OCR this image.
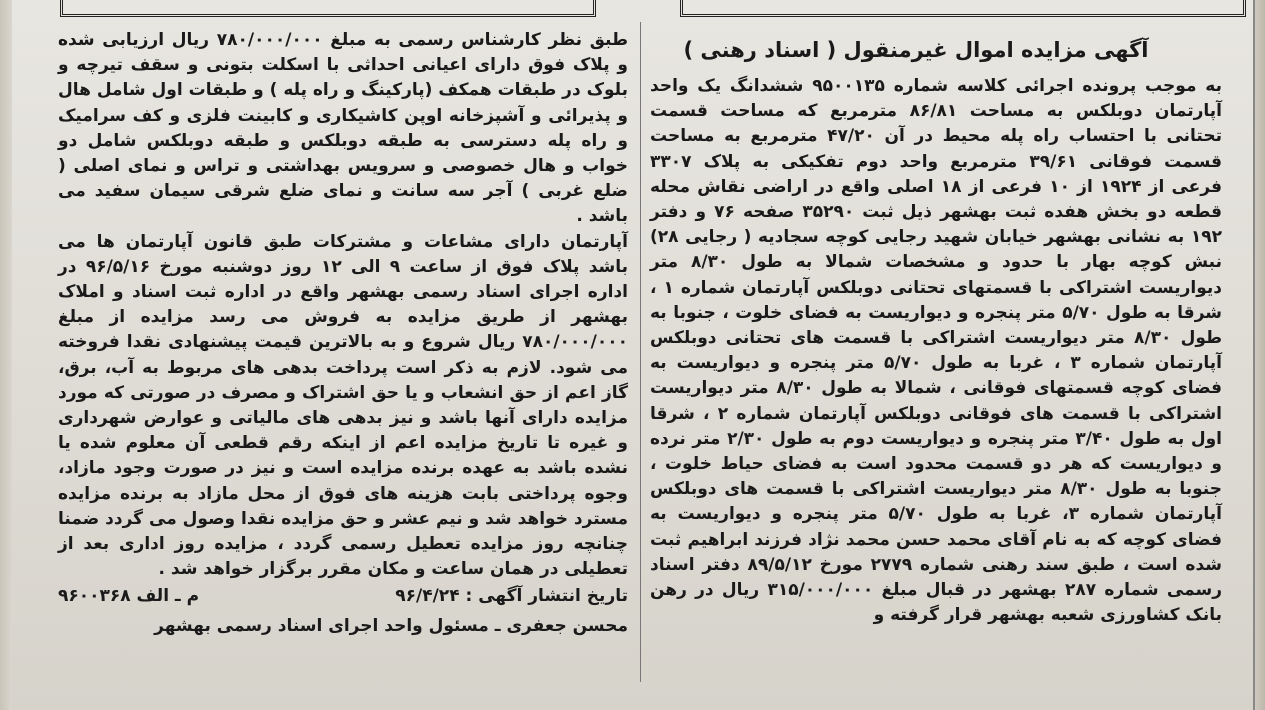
آگهی مزایده اموال غیرمنقول ( اسناد رهنی )

به موجب پرونده اجرائی کلاسه شماره ۹۵۰۰۱۳۵ ششدانگ یک واحد آپارتمان دوبلکس به مساحت ۸۶/۸۱ مترمربع که مساحت قسمت تحتانی با احتساب راه پله محیط در آن ۴۷/۲۰ مترمربع به مساحت قسمت فوقانی ۳۹/۶۱ مترمربع واحد دوم تفکیکی به پلاک ۳۳۰۷ فرعی از ۱۹۲۴ از ۱۰ فرعی از ۱۸ اصلی واقع در اراضی نقاش محله قطعه دو بخش هفده ثبت بهشهر ذیل ثبت ۳۵۲۹۰ صفحه ۷۶ و دفتر ۱۹۲ به نشانی بهشهر خیابان شهید رجایی کوچه سجادیه ( رجایی ۲۸) نبش کوچه بهار با حدود و مشخصات شمالا به طول ۸/۳۰ متر دیواریست اشتراکی با قسمتهای تحتانی دوبلکس آپارتمان شماره ۱ ، شرقا به طول ۵/۷۰ متر پنجره و دیواریست به فضای خلوت ، جنوبا به طول ۸/۳۰ متر دیواریست اشتراکی با قسمت های تحتانی دوبلکس آپارتمان شماره ۳ ، غربا به طول ۵/۷۰ متر پنجره و دیواریست به فضای کوچه قسمتهای فوقانی ، شمالا به طول ۸/۳۰ متر دیواریست اشتراکی با قسمت های فوقانی دوبلکس آپارتمان شماره ۲ ، شرقا اول به طول ۳/۴۰ متر پنجره و دیواریست دوم به طول ۲/۳۰ متر نرده و دیواریست که هر دو قسمت محدود است به فضای حیاط خلوت ، جنوبا به طول ۸/۳۰ متر دیواریست اشتراکی با قسمت های دوبلکس آپارتمان شماره ۳، غربا به طول ۵/۷۰ متر پنجره و دیواریست به فضای کوچه که به نام آقای محمد حسن محمد نژاد فرزند ابراهیم ثبت شده است ، طبق سند رهنی شماره ۲۷۷۹ مورخ ۸۹/۵/۱۲ دفتر اسناد رسمی شماره ۲۸۷ بهشهر در قبال مبلغ ۳۱۵/۰۰۰/۰۰۰ ریال در رهن بانک کشاورزی شعبه بهشهر قرار گرفته و

طبق نظر کارشناس رسمی به مبلغ ۷۸۰/۰۰۰/۰۰۰ ریال ارزیابی شده و پلاک فوق دارای اعیانی احداثی با اسکلت بتونی و سقف تیرچه و بلوک در طبقات همکف (پارکینگ و راه پله ) و طبقات اول شامل هال و پذیرائی و آشپزخانه اوپن کاشیکاری و کابینت فلزی و کف سرامیک و راه پله دسترسی به طبقه دوبلکس و طبقه دوبلکس شامل دو خواب و هال خصوصی و سرویس بهداشتی و تراس و نمای اصلی ( ضلع غربی ) آجر سه سانت و نمای ضلع شرقی سیمان سفید می باشد .

آپارتمان دارای مشاعات و مشترکات طبق قانون آپارتمان ها می باشد پلاک فوق از ساعت ۹ الی ۱۲ روز دوشنبه مورخ ۹۶/۵/۱۶ در اداره اجرای اسناد رسمی بهشهر واقع در اداره ثبت اسناد و املاک بهشهر از طریق مزایده به فروش می رسد مزایده از مبلغ ۷۸۰/۰۰۰/۰۰۰ ریال شروع و به بالاترین قیمت پیشنهادی نقدا فروخته می شود. لازم به ذکر است پرداخت بدهی های مربوط به آب، برق، گاز اعم از حق انشعاب و یا حق اشتراک و مصرف در صورتی که مورد مزایده دارای آنها باشد و نیز بدهی های مالیاتی و عوارض شهرداری و غیره تا تاریخ مزایده اعم از اینکه رقم قطعی آن معلوم شده یا نشده باشد به عهده برنده مزایده است و نیز در صورت وجود مازاد، وجوه پرداختی بابت هزینه های فوق از محل مازاد به برنده مزایده مسترد خواهد شد و نیم عشر و حق مزایده نقدا وصول می گردد ضمنا چنانچه روز مزایده تعطیل رسمی گردد ، مزایده روز اداری بعد از تعطیلی در همان ساعت و مکان مقرر برگزار خواهد شد .

تاریخ انتشار آگهی : ۹۶/۴/۲۴
م ـ الف ۹۶۰۰۳۶۸
محسن جعفری ـ مسئول واحد اجرای اسناد رسمی بهشهر
